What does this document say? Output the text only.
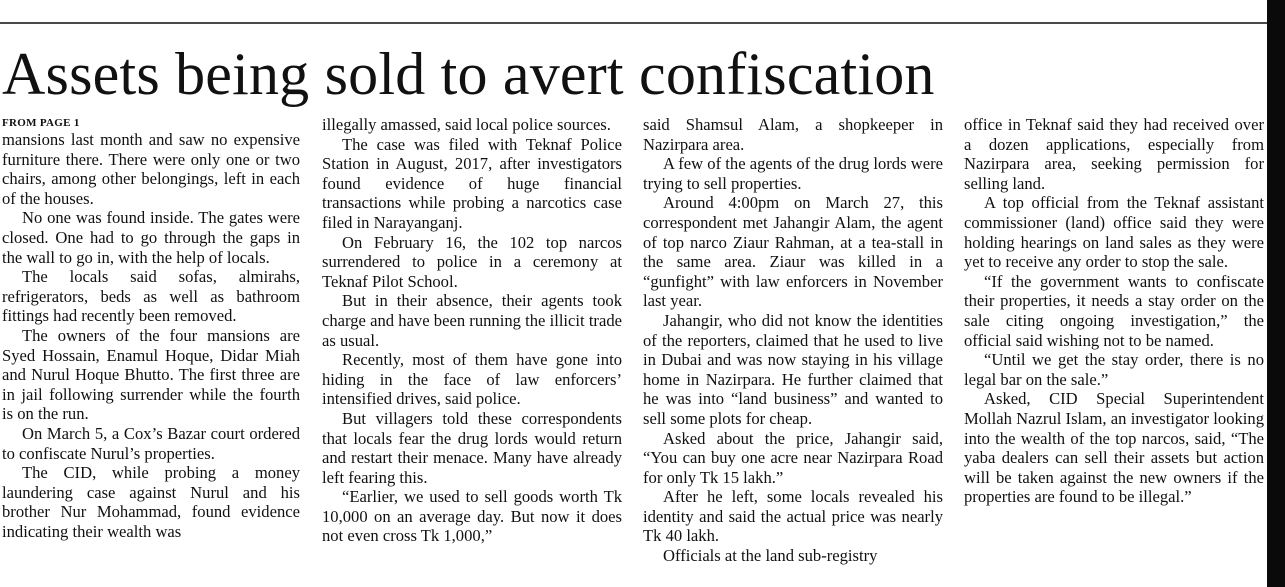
Assets being sold to avert confiscation
FROM PAGE 1

mansions last month and saw no expensive furniture there. There were only one or two chairs, among other belongings, left in each of the houses.

No one was found inside. The gates were closed. One had to go through the gaps in the wall to go in, with the help of locals.

The locals said sofas, almirahs, refrigerators, beds as well as bathroom fittings had recently been removed.

The owners of the four mansions are Syed Hossain, Enamul Hoque, Didar Miah and Nurul Hoque Bhutto. The first three are in jail following surrender while the fourth is on the run.

On March 5, a Cox’s Bazar court ordered to confiscate Nurul’s properties.

The CID, while probing a money laundering case against Nurul and his brother Nur Mohammad, found evidence indicating their wealth was

illegally amassed, said local police sources.

The case was filed with Teknaf Police Station in August, 2017, after investigators found evidence of huge financial transactions while probing a narcotics case filed in Narayanganj.

On February 16, the 102 top narcos surrendered to police in a ceremony at Teknaf Pilot School.

But in their absence, their agents took charge and have been running the illicit trade as usual.

Recently, most of them have gone into hiding in the face of law enforcers’ intensified drives, said police.

But villagers told these correspondents that locals fear the drug lords would return and restart their menace. Many have already left fearing this.

“Earlier, we used to sell goods worth Tk 10,000 on an average day. But now it does not even cross Tk 1,000,”

said Shamsul Alam, a shopkeeper in Nazirpara area.

A few of the agents of the drug lords were trying to sell properties.

Around 4:00pm on March 27, this correspondent met Jahangir Alam, the agent of top narco Ziaur Rahman, at a tea-stall in the same area. Ziaur was killed in a “gunfight” with law enforcers in November last year.

Jahangir, who did not know the identities of the reporters, claimed that he used to live in Dubai and was now staying in his village home in Nazirpara. He further claimed that he was into “land business” and wanted to sell some plots for cheap.

Asked about the price, Jahangir said, “You can buy one acre near Nazirpara Road for only Tk 15 lakh.”

After he left, some locals revealed his identity and said the actual price was nearly Tk 40 lakh.

Officials at the land sub-registry

office in Teknaf said they had received over a dozen applications, especially from Nazirpara area, seeking permission for selling land.

A top official from the Teknaf assistant commissioner (land) office said they were holding hearings on land sales as they were yet to receive any order to stop the sale.

“If the government wants to confiscate their properties, it needs a stay order on the sale citing ongoing investigation,” the official said wishing not to be named.

“Until we get the stay order, there is no legal bar on the sale.”

Asked, CID Special Superintendent Mollah Nazrul Islam, an investigator looking into the wealth of the top narcos, said, “The yaba dealers can sell their assets but action will be taken against the new owners if the properties are found to be illegal.”
